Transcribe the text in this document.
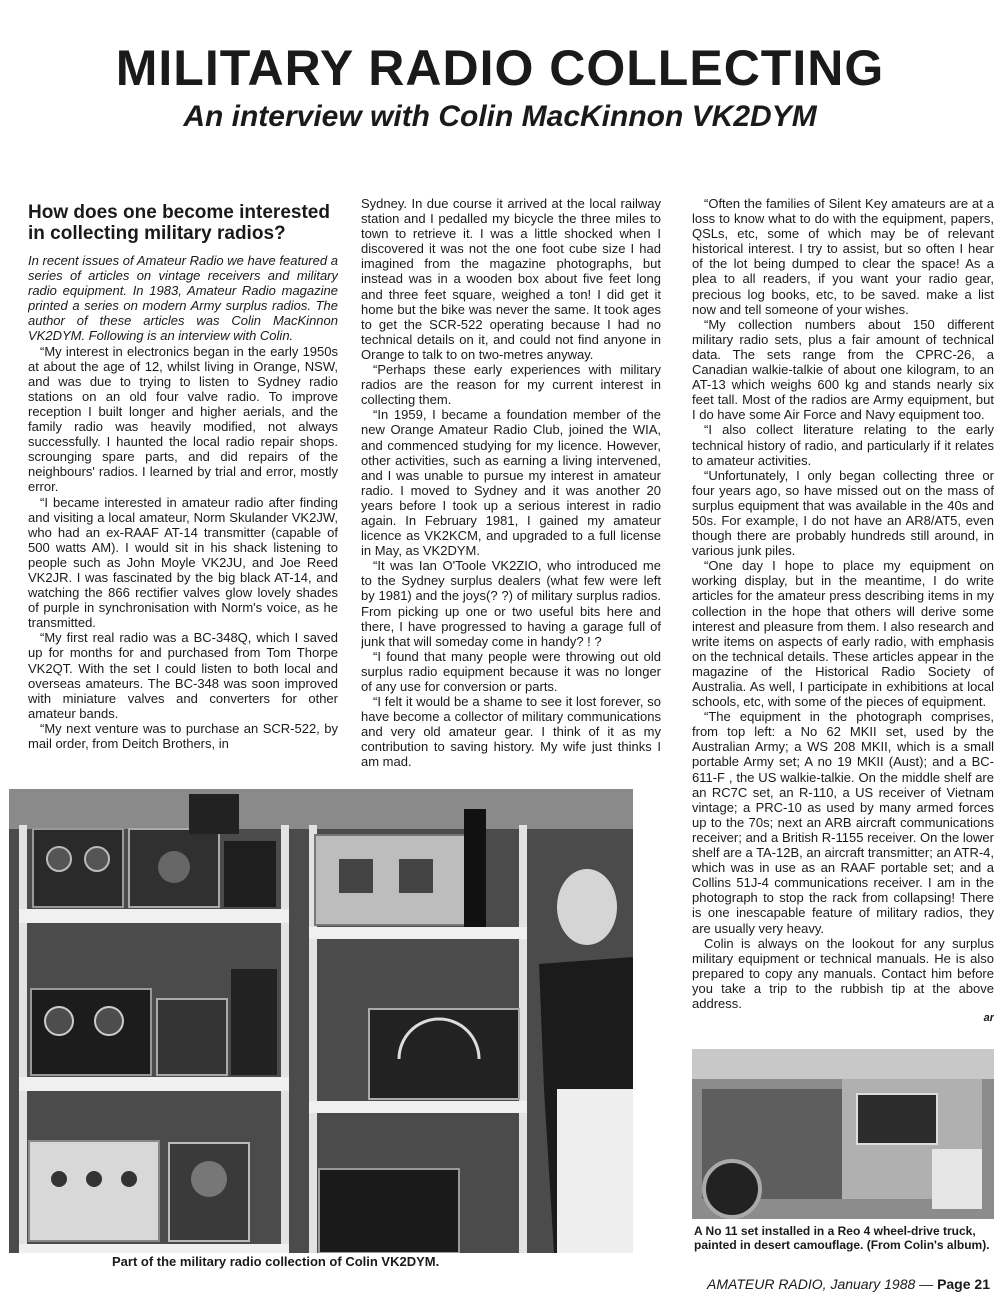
MILITARY RADIO COLLECTING
An interview with Colin MacKinnon VK2DYM
How does one become interested in collecting military radios?

In recent issues of Amateur Radio we have featured a series of articles on vintage receivers and military radio equipment. In 1983, Amateur Radio magazine printed a series on modern Army surplus radios. The author of these articles was Colin MacKinnon VK2DYM. Following is an interview with Colin.

“My interest in electronics began in the early 1950s at about the age of 12, whilst living in Orange, NSW, and was due to trying to listen to Sydney radio stations on an old four valve radio. To improve reception I built longer and higher aerials, and the family radio was heavily modified, not always successfully. I haunted the local radio repair shops. scrounging spare parts, and did repairs of the neighbours' radios. I learned by trial and error, mostly error.

“I became interested in amateur radio after finding and visiting a local amateur, Norm Skulander VK2JW, who had an ex-RAAF AT-14 transmitter (capable of 500 watts AM). I would sit in his shack listening to people such as John Moyle VK2JU, and Joe Reed VK2JR. I was fascinated by the big black AT-14, and watching the 866 rectifier valves glow lovely shades of purple in synchronisation with Norm's voice, as he transmitted.

“My first real radio was a BC-348Q, which I saved up for months for and purchased from Tom Thorpe VK2QT. With the set I could listen to both local and overseas amateurs. The BC-348 was soon improved with miniature valves and converters for other amateur bands.

“My next venture was to purchase an SCR-522, by mail order, from Deitch Brothers, in

Sydney. In due course it arrived at the local railway station and I pedalled my bicycle the three miles to town to retrieve it. I was a little shocked when I discovered it was not the one foot cube size I had imagined from the magazine photographs, but instead was in a wooden box about five feet long and three feet square, weighed a ton! I did get it home but the bike was never the same. It took ages to get the SCR-522 operating because I had no technical details on it, and could not find anyone in Orange to talk to on two-metres anyway.

“Perhaps these early experiences with military radios are the reason for my current interest in collecting them.

“In 1959, I became a foundation member of the new Orange Amateur Radio Club, joined the WIA, and commenced studying for my licence. However, other activities, such as earning a living intervened, and I was unable to pursue my interest in amateur radio. I moved to Sydney and it was another 20 years before I took up a serious interest in radio again. In February 1981, I gained my amateur licence as VK2KCM, and upgraded to a full license in May, as VK2DYM.

“It was Ian O'Toole VK2ZIO, who introduced me to the Sydney surplus dealers (what few were left by 1981) and the joys(? ?) of military surplus radios. From picking up one or two useful bits here and there, I have progressed to having a garage full of junk that will someday come in handy? ! ?

“I found that many people were throwing out old surplus radio equipment because it was no longer of any use for conversion or parts.

“I felt it would be a shame to see it lost forever, so have become a collector of military communications and very old amateur gear. I think of it as my contribution to saving history. My wife just thinks I am mad.

“Often the families of Silent Key amateurs are at a loss to know what to do with the equipment, papers, QSLs, etc, some of which may be of relevant historical interest. I try to assist, but so often I hear of the lot being dumped to clear the space! As a plea to all readers, if you want your radio gear, precious log books, etc, to be saved. make a list now and tell someone of your wishes.

“My collection numbers about 150 different military radio sets, plus a fair amount of technical data. The sets range from the CPRC-26, a Canadian walkie-talkie of about one kilogram, to an AT-13 which weighs 600 kg and stands nearly six feet tall. Most of the radios are Army equipment, but I do have some Air Force and Navy equipment too.

“I also collect literature relating to the early technical history of radio, and particularly if it relates to amateur activities.

“Unfortunately, I only began collecting three or four years ago, so have missed out on the mass of surplus equipment that was available in the 40s and 50s. For example, I do not have an AR8/AT5, even though there are probably hundreds still around, in various junk piles.

“One day I hope to place my equipment on working display, but in the meantime, I do write articles for the amateur press describing items in my collection in the hope that others will derive some interest and pleasure from them. I also research and write items on aspects of early radio, with emphasis on the technical details. These articles appear in the magazine of the Historical Radio Society of Australia. As well, I participate in exhibitions at local schools, etc, with some of the pieces of equipment.

“The equipment in the photograph comprises, from top left: a No 62 MKII set, used by the Australian Army; a WS 208 MKII, which is a small portable Army set; A no 19 MKII (Aust); and a BC-611-F , the US walkie-talkie. On the middle shelf are an RC7C set, an R-110, a US receiver of Vietnam vintage; a PRC-10 as used by many armed forces up to the 70s; next an ARB aircraft communications receiver; and a British R-1155 receiver. On the lower shelf are a TA-12B, an aircraft transmitter; an ATR-4, which was in use as an RAAF portable set; and a Collins 51J-4 communications receiver. I am in the photograph to stop the rack from collapsing! There is one inescapable feature of military radios, they are usually very heavy.

Colin is always on the lookout for any surplus military equipment or technical manuals. He is also prepared to copy any manuals. Contact him before you take a trip to the rubbish tip at the above address.

ar
Part of the military radio collection of Colin VK2DYM.
A No 11 set installed in a Reo 4 wheel-drive truck, painted in desert camouflage. (From Colin's album).
AMATEUR RADIO, January 1988 — Page 21
